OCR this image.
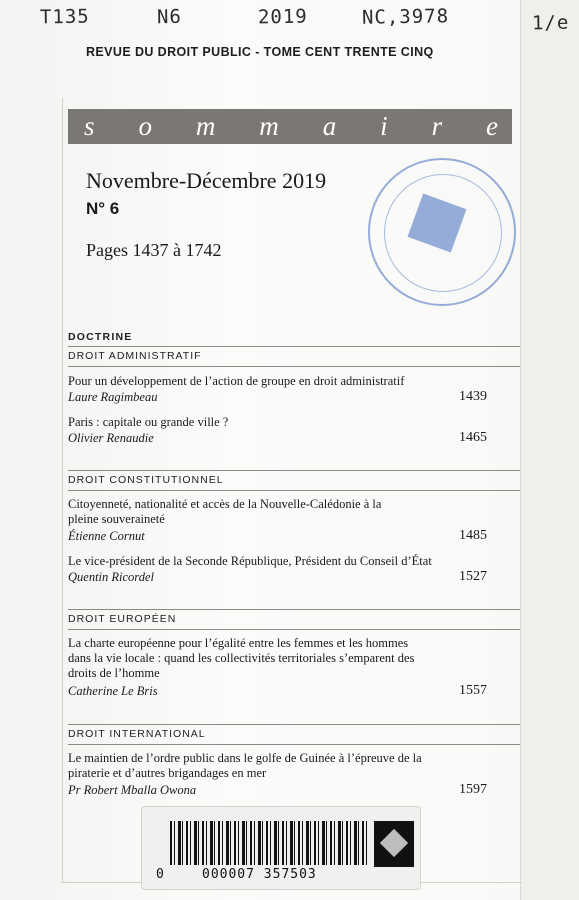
T135	N6	2019	NC,3978	1/e
REVUE DU DROIT PUBLIC - TOME CENT TRENTE CINQ
s o m m a i r e
Novembre-Décembre 2019
N° 6
Pages 1437 à 1742
DOCTRINE
DROIT ADMINISTRATIF
Pour un développement de l’action de groupe en droit administratif
Laure Ragimbeau	1439
Paris : capitale ou grande ville ?
Olivier Renaudie	1465
DROIT CONSTITUTIONNEL
Citoyenneté, nationalité et accès de la Nouvelle-Calédonie à la pleine souveraineté
Étienne Cornut	1485
Le vice-président de la Seconde République, Président du Conseil d’État
Quentin Ricordel	1527
DROIT EUROPÉEN
La charte européenne pour l’égalité entre les femmes et les hommes dans la vie locale : quand les collectivités territoriales s’emparent des droits de l’homme
Catherine Le Bris	1557
DROIT INTERNATIONAL
Le maintien de l’ordre public dans le golfe de Guinée à l’épreuve de la piraterie et d’autres brigandages en mer
Pr Robert Mballa Owona	1597
0	000007 357503
